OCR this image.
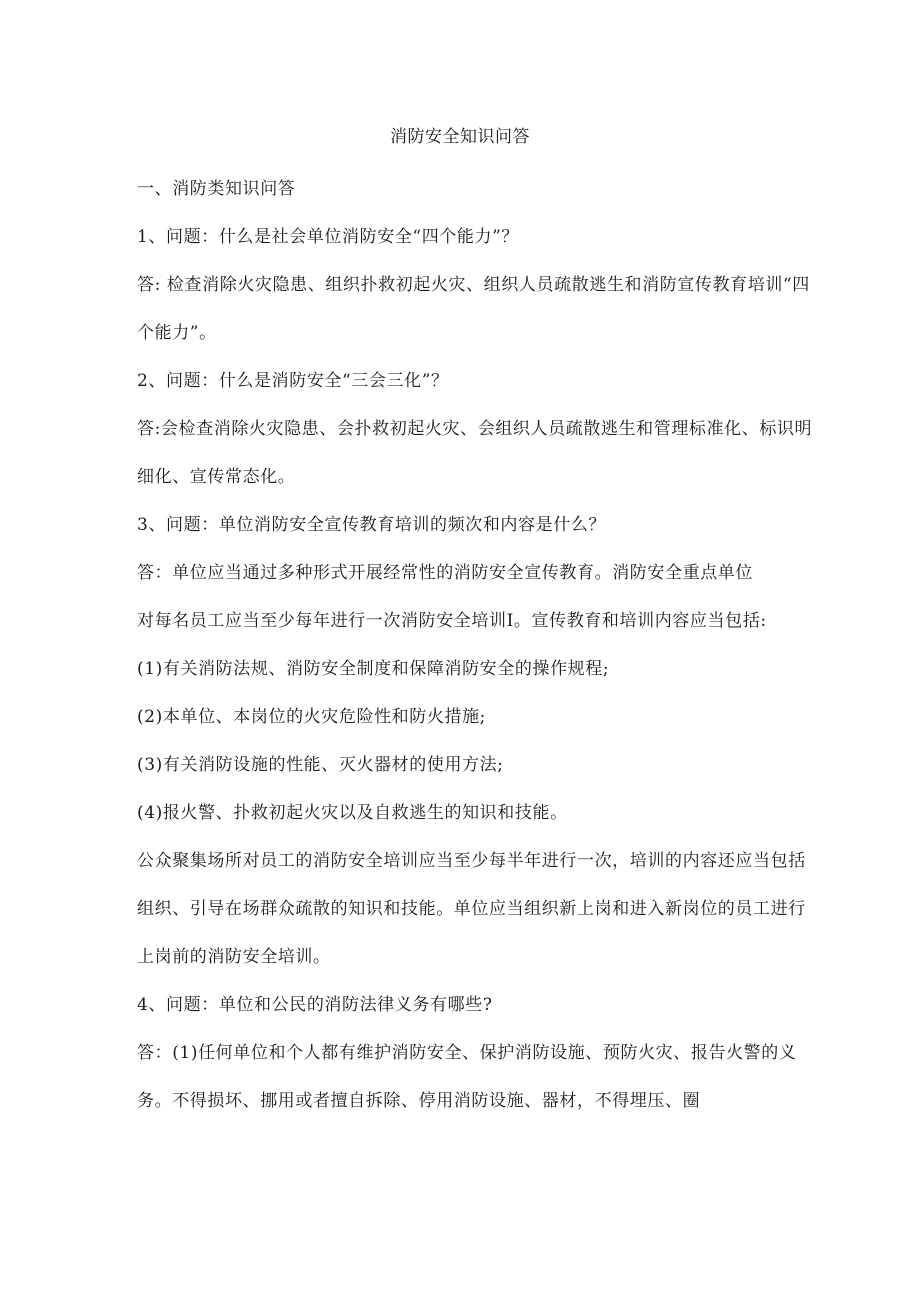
消防安全知识问答
一、消防类知识问答
1、问题：什么是社会单位消防安全“四个能力”？
答: 检查消除火灾隐患、组织扑救初起火灾、组织人员疏散逃生和消防宣传教育培训“四
个能力”。
2、问题：什么是消防安全“三会三化”？
答:会检查消除火灾隐患、会扑救初起火灾、会组织人员疏散逃生和管理标准化、标识明
细化、宣传常态化。
3、问题：单位消防安全宣传教育培训的频次和内容是什么？
答：单位应当通过多种形式开展经常性的消防安全宣传教育。消防安全重点单位
对每名员工应当至少每年进行一次消防安全培训Ⅰ。宣传教育和培训内容应当包括:
(1)有关消防法规、消防安全制度和保障消防安全的操作规程;
(2)本单位、本岗位的火灾危险性和防火措施;
(3)有关消防设施的性能、灭火器材的使用方法;
(4)报火警、扑救初起火灾以及自救逃生的知识和技能。
公众聚集场所对员工的消防安全培训应当至少每半年进行一次，培训的内容还应当包括
组织、引导在场群众疏散的知识和技能。单位应当组织新上岗和进入新岗位的员工进行
上岗前的消防安全培训。
4、问题：单位和公民的消防法律义务有哪些?
答：(1)任何单位和个人都有维护消防安全、保护消防设施、预防火灾、报告火警的义
务。不得损坏、挪用或者擅自拆除、停用消防设施、器材，不得埋压、圈
